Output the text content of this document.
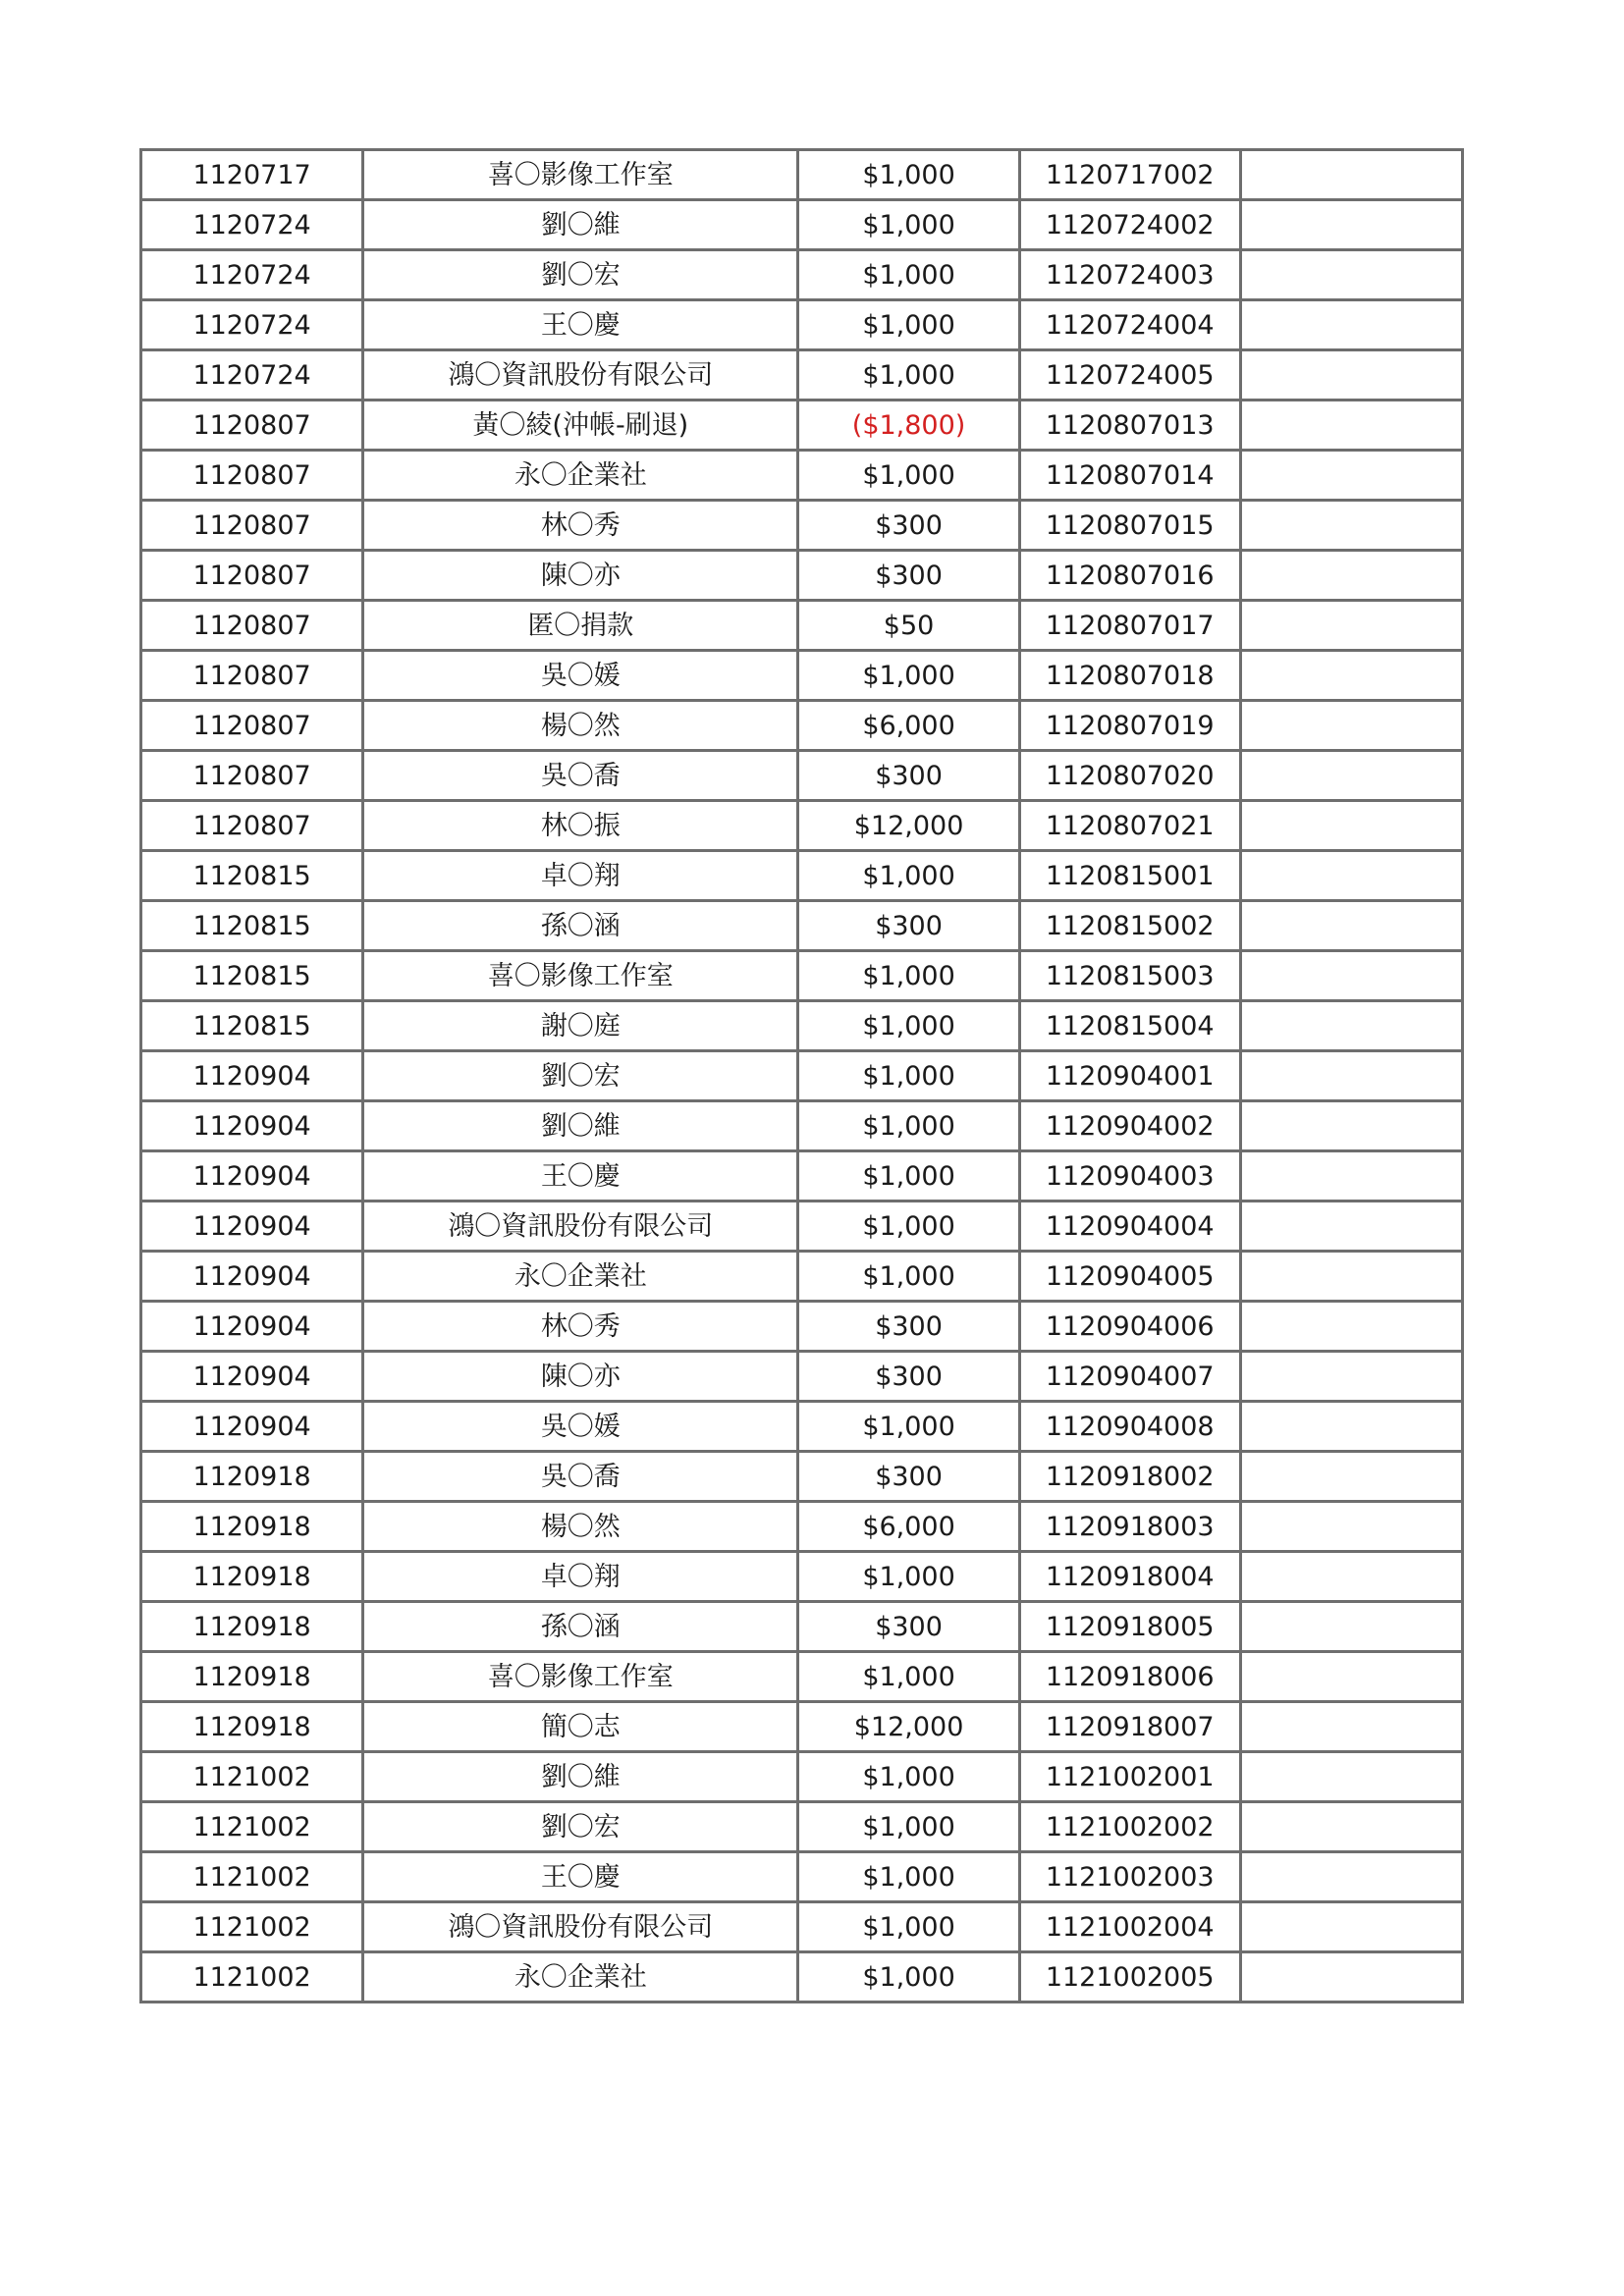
1120717	喜〇影像工作室	$1,000	1120717002	
1120724	劉〇維	$1,000	1120724002	
1120724	劉〇宏	$1,000	1120724003	
1120724	王〇慶	$1,000	1120724004	
1120724	鴻〇資訊股份有限公司	$1,000	1120724005	
1120807	黃〇綾(沖帳-刷退)	($1,800)	1120807013	
1120807	永〇企業社	$1,000	1120807014	
1120807	林〇秀	$300	1120807015	
1120807	陳〇亦	$300	1120807016	
1120807	匿〇捐款	$50	1120807017	
1120807	吳〇媛	$1,000	1120807018	
1120807	楊〇然	$6,000	1120807019	
1120807	吳〇喬	$300	1120807020	
1120807	林〇振	$12,000	1120807021	
1120815	卓〇翔	$1,000	1120815001	
1120815	孫〇涵	$300	1120815002	
1120815	喜〇影像工作室	$1,000	1120815003	
1120815	謝〇庭	$1,000	1120815004	
1120904	劉〇宏	$1,000	1120904001	
1120904	劉〇維	$1,000	1120904002	
1120904	王〇慶	$1,000	1120904003	
1120904	鴻〇資訊股份有限公司	$1,000	1120904004	
1120904	永〇企業社	$1,000	1120904005	
1120904	林〇秀	$300	1120904006	
1120904	陳〇亦	$300	1120904007	
1120904	吳〇媛	$1,000	1120904008	
1120918	吳〇喬	$300	1120918002	
1120918	楊〇然	$6,000	1120918003	
1120918	卓〇翔	$1,000	1120918004	
1120918	孫〇涵	$300	1120918005	
1120918	喜〇影像工作室	$1,000	1120918006	
1120918	簡〇志	$12,000	1120918007	
1121002	劉〇維	$1,000	1121002001	
1121002	劉〇宏	$1,000	1121002002	
1121002	王〇慶	$1,000	1121002003	
1121002	鴻〇資訊股份有限公司	$1,000	1121002004	
1121002	永〇企業社	$1,000	1121002005	
